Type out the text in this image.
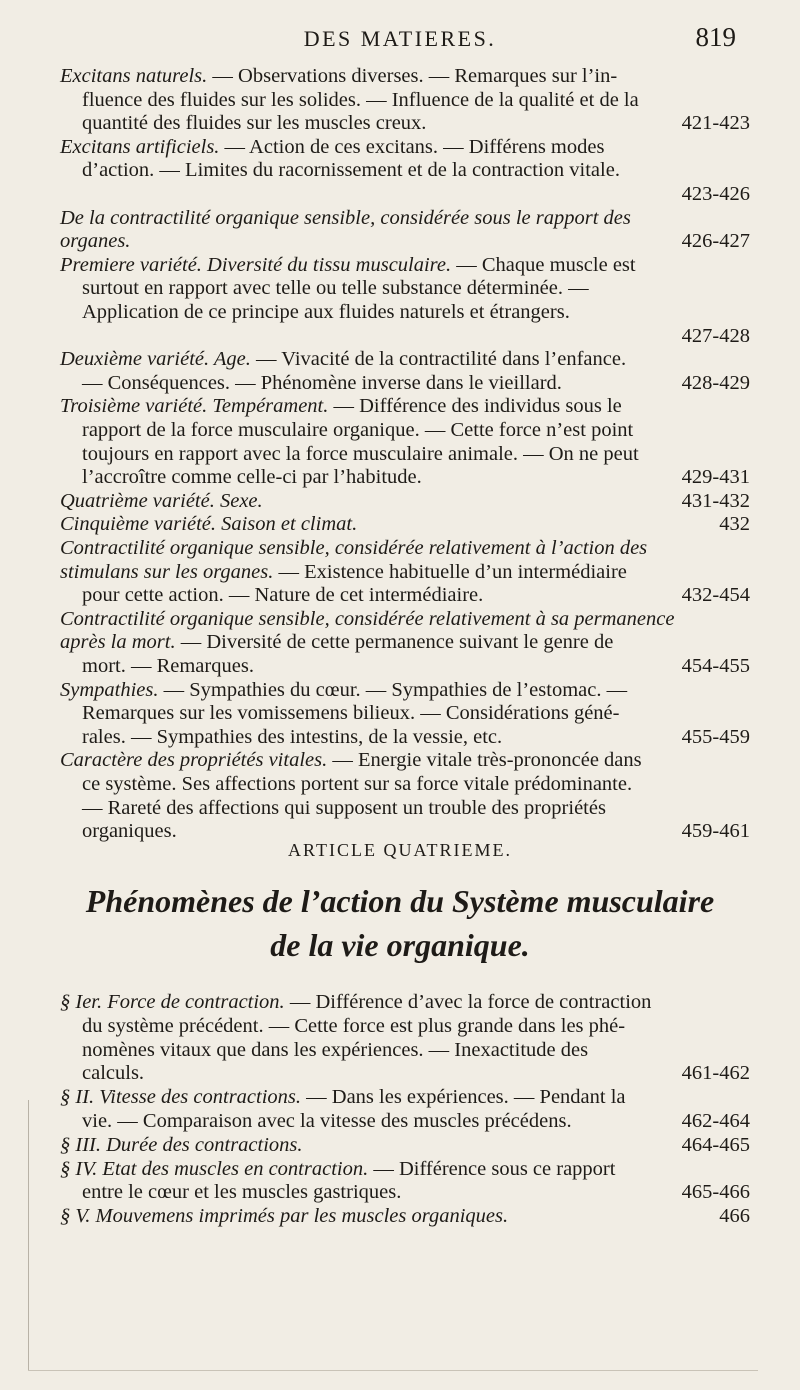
DES MATIERES.	819
Excitans naturels. — Observations diverses. — Remarques sur l’in-
fluence des fluides sur les solides. — Influence de la qualité et de la
quantité des fluides sur les muscles creux.	421-423
Excitans artificiels. — Action de ces excitans. — Différens modes
d’action. — Limites du racornissement et de la contraction vitale.
423-426
De la contractilité organique sensible, considérée sous le rapport des
organes.	426-427
Premiere variété. Diversité du tissu musculaire. — Chaque muscle est
surtout en rapport avec telle ou telle substance déterminée. —
Application de ce principe aux fluides naturels et étrangers.
427-428
Deuxième variété. Age. — Vivacité de la contractilité dans l’enfance.
— Conséquences. — Phénomène inverse dans le vieillard.	428-429
Troisième variété. Tempérament. — Différence des individus sous le
rapport de la force musculaire organique. — Cette force n’est point
toujours en rapport avec la force musculaire animale. — On ne peut
l’accroître comme celle-ci par l’habitude.	429-431
Quatrième variété. Sexe.	431-432
Cinquième variété. Saison et climat.	432
Contractilité organique sensible, considérée relativement à l’action des
stimulans sur les organes. — Existence habituelle d’un intermédiaire
pour cette action. — Nature de cet intermédiaire.	432-454
Contractilité organique sensible, considérée relativement à sa permanence
après la mort. — Diversité de cette permanence suivant le genre de
mort. — Remarques.	454-455
Sympathies. — Sympathies du cœur. — Sympathies de l’estomac. —
Remarques sur les vomissemens bilieux. — Considérations géné-
rales. — Sympathies des intestins, de la vessie, etc.	455-459
Caractère des propriétés vitales. — Energie vitale très-prononcée dans
ce système. Ses affections portent sur sa force vitale prédominante.
— Rareté des affections qui supposent un trouble des propriétés
organiques.	459-461
ARTICLE QUATRIEME.
Phénomènes de l’action du Système musculaire
de la vie organique.
§ Ier. Force de contraction. — Différence d’avec la force de contraction
du système précédent. — Cette force est plus grande dans les phé-
nomènes vitaux que dans les expériences. — Inexactitude des
calculs.	461-462
§ II. Vitesse des contractions. — Dans les expériences. — Pendant la
vie. — Comparaison avec la vitesse des muscles précédens.	462-464
§ III. Durée des contractions.	464-465
§ IV. Etat des muscles en contraction. — Différence sous ce rapport
entre le cœur et les muscles gastriques.	465-466
§ V. Mouvemens imprimés par les muscles organiques.	466
